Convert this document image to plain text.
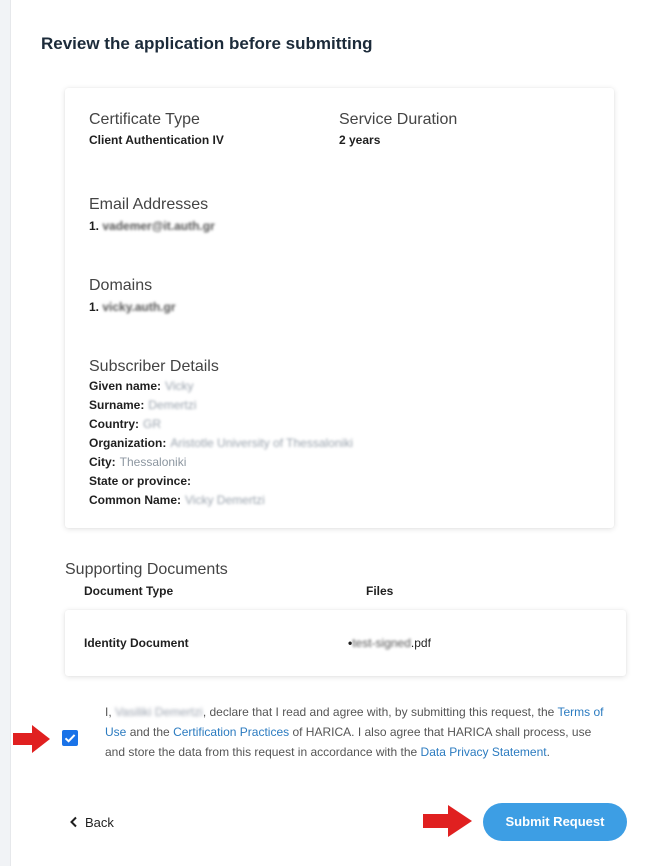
Review the application before submitting
Certificate Type
Client Authentication IV
Service Duration
2 years
Email Addresses
1. vademer@it.auth.gr
Domains
1. vicky.auth.gr
Subscriber Details
Given name: Vicky
Surname: Demertzi
Country: GR
Organization: Aristotle University of Thessaloniki
City: Thessaloniki
State or province:
Common Name: Vicky Demertzi
Supporting Documents
Document Type	Files
Identity Document	•test-signed.pdf
I, Vasiliki Demertzi, declare that I read and agree with, by submitting this request, the Terms of Use and the Certification Practices of HARICA. I also agree that HARICA shall process, use and store the data from this request in accordance with the Data Privacy Statement.
Back	Submit Request
